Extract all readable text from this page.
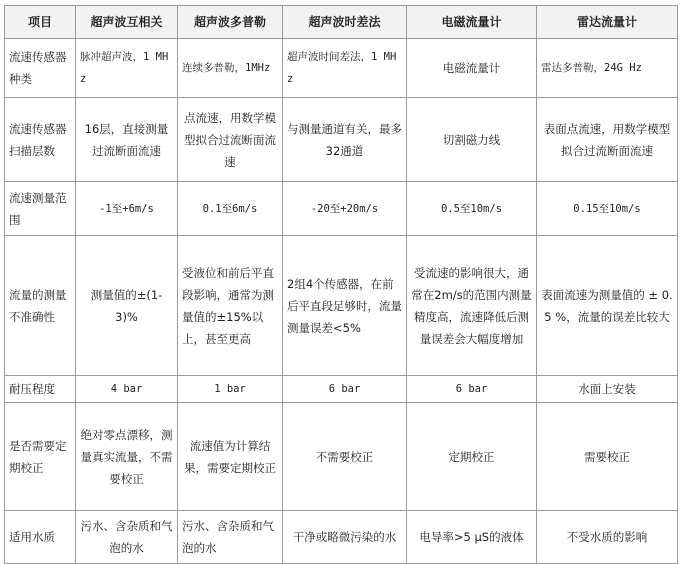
项目	超声波互相关	超声波多普勒	超声波时差法	电磁流量计	雷达流量计
流速传感器种类	脉冲超声波，1 MHz	连续多普勒，1MHz	超声波时间差法，1 MHz	电磁流量计	雷达多普勒，24G Hz
流速传感器扫描层数	16层，直接测量过流断面流速	点流速，用数学模型拟合过流断面流速	与测量通道有关，最多32通道	切割磁力线	表面点流速，用数学模型拟合过流断面流速
流速测量范围	-1至+6m/s	0.1至6m/s	-20至+20m/s	0.5至10m/s	0.15至10m/s
流量的测量不准确性	测量值的±(1-3)%	受液位和前后平直段影响，通常为测量值的±15%以上，甚至更高	2组4个传感器，在前后平直段足够时，流量测量误差<5%	受流速的影响很大，通常在2m/s的范围内测量精度高，流速降低后测量误差会大幅度增加	表面流速为测量值的 ± 0.5 %，流量的误差比较大
耐压程度	4 bar	1 bar	6 bar	6 bar	水面上安装
是否需要定期校正	绝对零点漂移，测量真实流量，不需要校正	流速值为计算结果，需要定期校正	不需要校正	定期校正	需要校正
适用水质	污水、含杂质和气泡的水	污水、含杂质和气泡的水	干净或略微污染的水	电导率>5 μS的液体	不受水质的影响
